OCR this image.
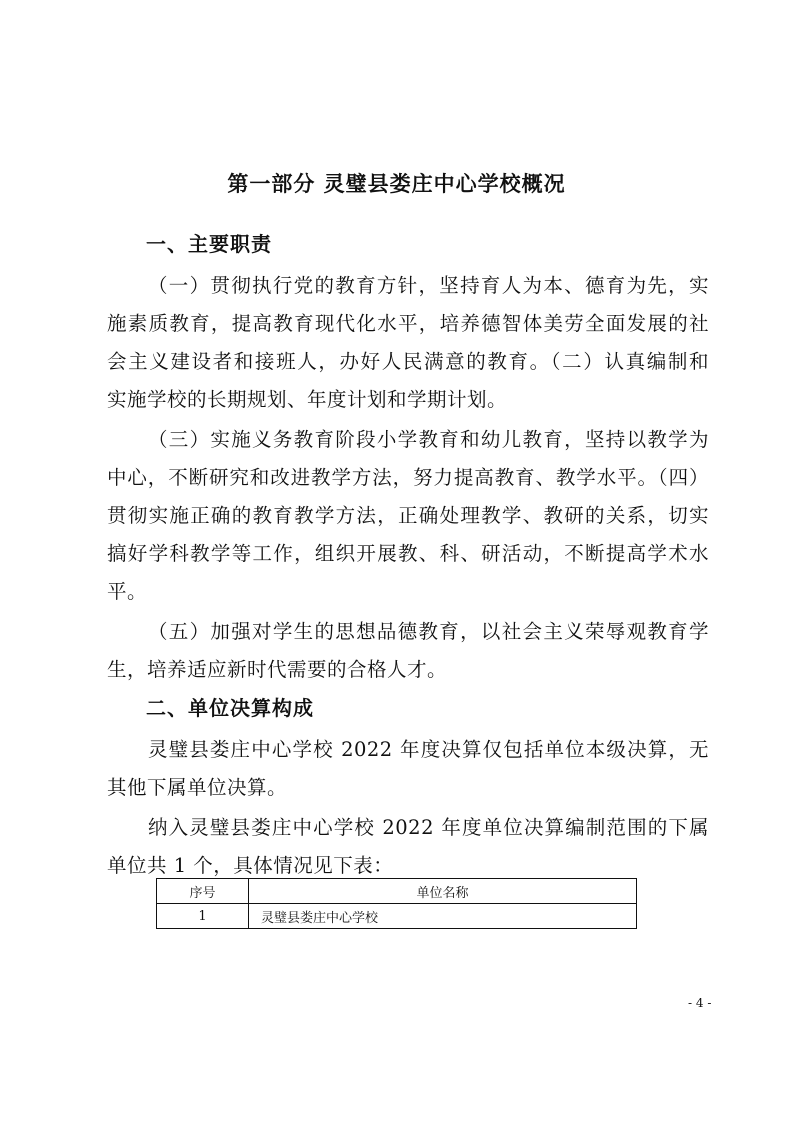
第一部分 灵璧县娄庄中心学校概况
一、主要职责
（一）贯彻执行党的教育方针，坚持育人为本、德育为先，实
施素质教育，提高教育现代化水平，培养德智体美劳全面发展的社
会主义建设者和接班人，办好人民满意的教育。（二）认真编制和
实施学校的长期规划、年度计划和学期计划。
（三）实施义务教育阶段小学教育和幼儿教育，坚持以教学为
中心，不断研究和改进教学方法，努力提高教育、教学水平。（四）
贯彻实施正确的教育教学方法，正确处理教学、教研的关系，切实
搞好学科教学等工作，组织开展教、科、研活动，不断提高学术水
平。
（五）加强对学生的思想品德教育，以社会主义荣辱观教育学
生，培养适应新时代需要的合格人才。
二、单位决算构成
灵璧县娄庄中心学校 2022 年度决算仅包括单位本级决算，无
其他下属单位决算。
纳入灵璧县娄庄中心学校 2022 年度单位决算编制范围的下属
单位共 1 个，具体情况见下表：
序号	单位名称
1	灵璧县娄庄中心学校
- 4 -
